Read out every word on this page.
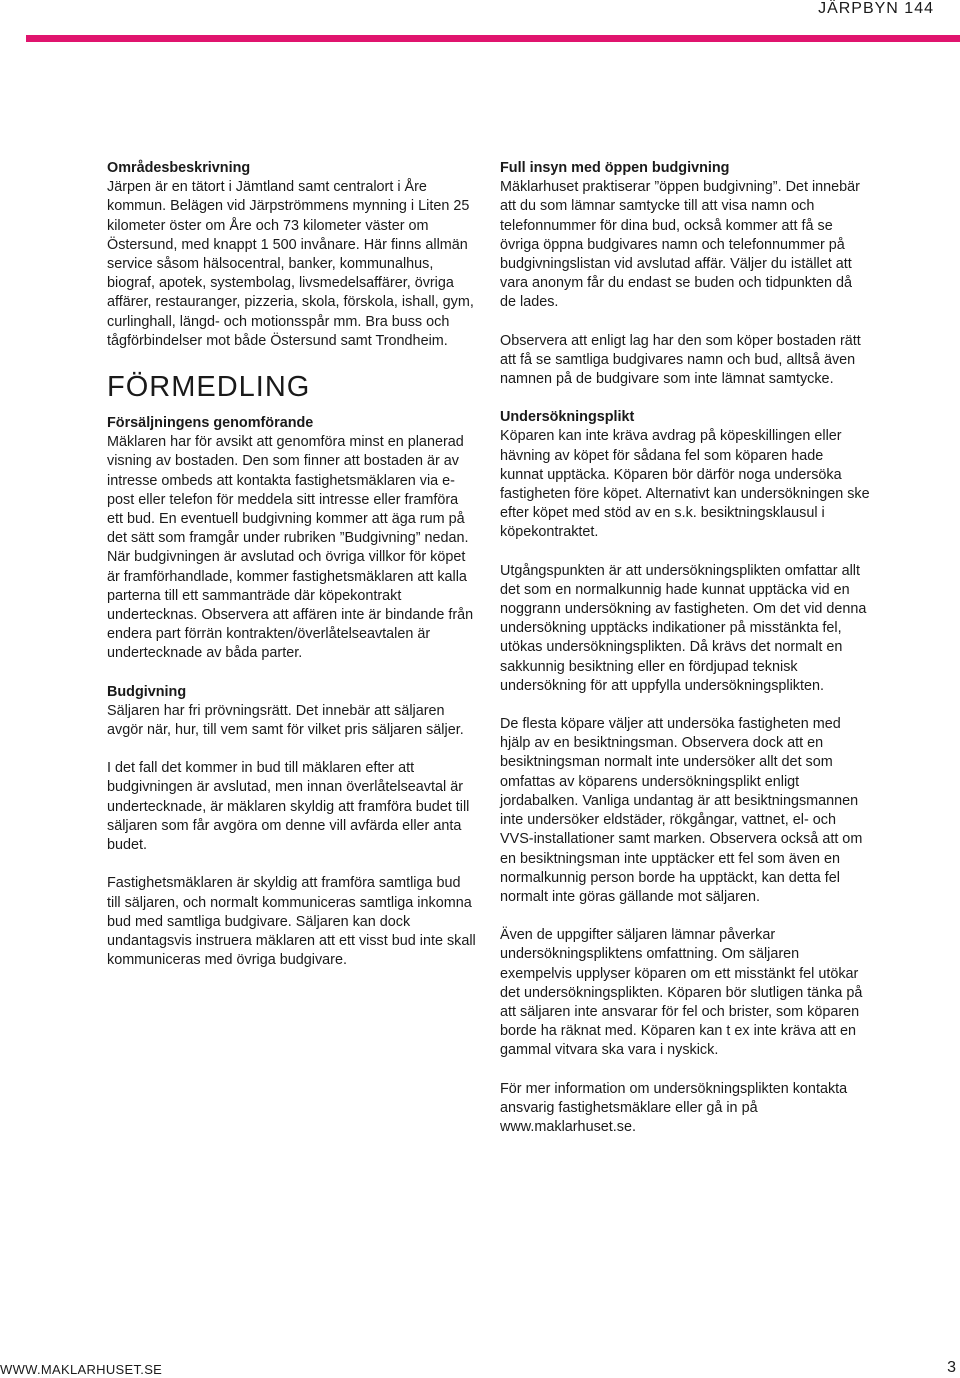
JÄRPBYN 144

Områdesbeskrivning
Järpen är en tätort i Jämtland samt centralort i Åre kommun. Belägen vid Järpströmmens mynning i Liten 25 kilometer öster om Åre och 73 kilometer väster om Östersund, med knappt 1 500 invånare. Här finns allmän service såsom hälsocentral, banker, kommunalhus, biograf, apotek, systembolag, livsmedelsaffärer, övriga affärer, restauranger, pizzeria, skola, förskola, ishall, gym, curlinghall, längd- och motionsspår mm. Bra buss och tågförbindelser mot både Östersund samt Trondheim.

FÖRMEDLING

Försäljningens genomförande
Mäklaren har för avsikt att genomföra minst en planerad visning av bostaden. Den som finner att bostaden är av intresse ombeds att kontakta fastighetsmäklaren via e-post eller telefon för meddela sitt intresse eller framföra ett bud. En eventuell budgivning kommer att äga rum på det sätt som framgår under rubriken ”Budgivning” nedan. När budgivningen är avslutad och övriga villkor för köpet är framförhandlade, kommer fastighetsmäklaren att kalla parterna till ett sammanträde där köpekontrakt undertecknas. Observera att affären inte är bindande från endera part förrän kontrakten/överlåtelseavtalen är undertecknade av båda parter.

Budgivning
Säljaren har fri prövningsrätt. Det innebär att säljaren avgör när, hur, till vem samt för vilket pris säljaren säljer.

I det fall det kommer in bud till mäklaren efter att budgivningen är avslutad, men innan överlåtelseavtal är undertecknade, är mäklaren skyldig att framföra budet till säljaren som får avgöra om denne vill avfärda eller anta budet.

Fastighetsmäklaren är skyldig att framföra samtliga bud till säljaren, och normalt kommuniceras samtliga inkomna bud med samtliga budgivare. Säljaren kan dock undantagsvis instruera mäklaren att ett visst bud inte skall kommuniceras med övriga budgivare.

Full insyn med öppen budgivning
Mäklarhuset praktiserar ”öppen budgivning”. Det innebär att du som lämnar samtycke till att visa namn och telefonnummer för dina bud, också kommer att få se övriga öppna budgivares namn och telefonnummer på budgivningslistan vid avslutad affär. Väljer du istället att vara anonym får du endast se buden och tidpunkten då de lades.

Observera att enligt lag har den som köper bostaden rätt att få se samtliga budgivares namn och bud, alltså även namnen på de budgivare som inte lämnat samtycke.

Undersökningsplikt
Köparen kan inte kräva avdrag på köpeskillingen eller hävning av köpet för sådana fel som köparen hade kunnat upptäcka. Köparen bör därför noga undersöka fastigheten före köpet. Alternativt kan undersökningen ske efter köpet med stöd av en s.k. besiktningsklausul i köpekontraktet.

Utgångspunkten är att undersökningsplikten omfattar allt det som en normalkunnig hade kunnat upptäcka vid en noggrann undersökning av fastigheten. Om det vid denna undersökning upptäcks indikationer på misstänkta fel, utökas undersökningsplikten. Då krävs det normalt en sakkunnig besiktning eller en fördjupad teknisk undersökning för att uppfylla undersökningsplikten.

De flesta köpare väljer att undersöka fastigheten med hjälp av en besiktningsman. Observera dock att en besiktningsman normalt inte undersöker allt det som omfattas av köparens undersökningsplikt enligt jordabalken. Vanliga undantag är att besiktningsmannen inte undersöker eldstäder, rökgångar, vattnet, el- och VVS-installationer samt marken. Observera också att om en besiktningsman inte upptäcker ett fel som även en normalkunnig person borde ha upptäckt, kan detta fel normalt inte göras gällande mot säljaren.

Även de uppgifter säljaren lämnar påverkar undersökningspliktens omfattning. Om säljaren exempelvis upplyser köparen om ett misstänkt fel utökar det undersökningsplikten. Köparen bör slutligen tänka på att säljaren inte ansvarar för fel och brister, som köparen borde ha räknat med. Köparen kan t ex inte kräva att en gammal vitvara ska vara i nyskick.

För mer information om undersökningsplikten kontakta ansvarig fastighetsmäklare eller gå in på www.maklarhuset.se.

WWW.MAKLARHUSET.SE	3
